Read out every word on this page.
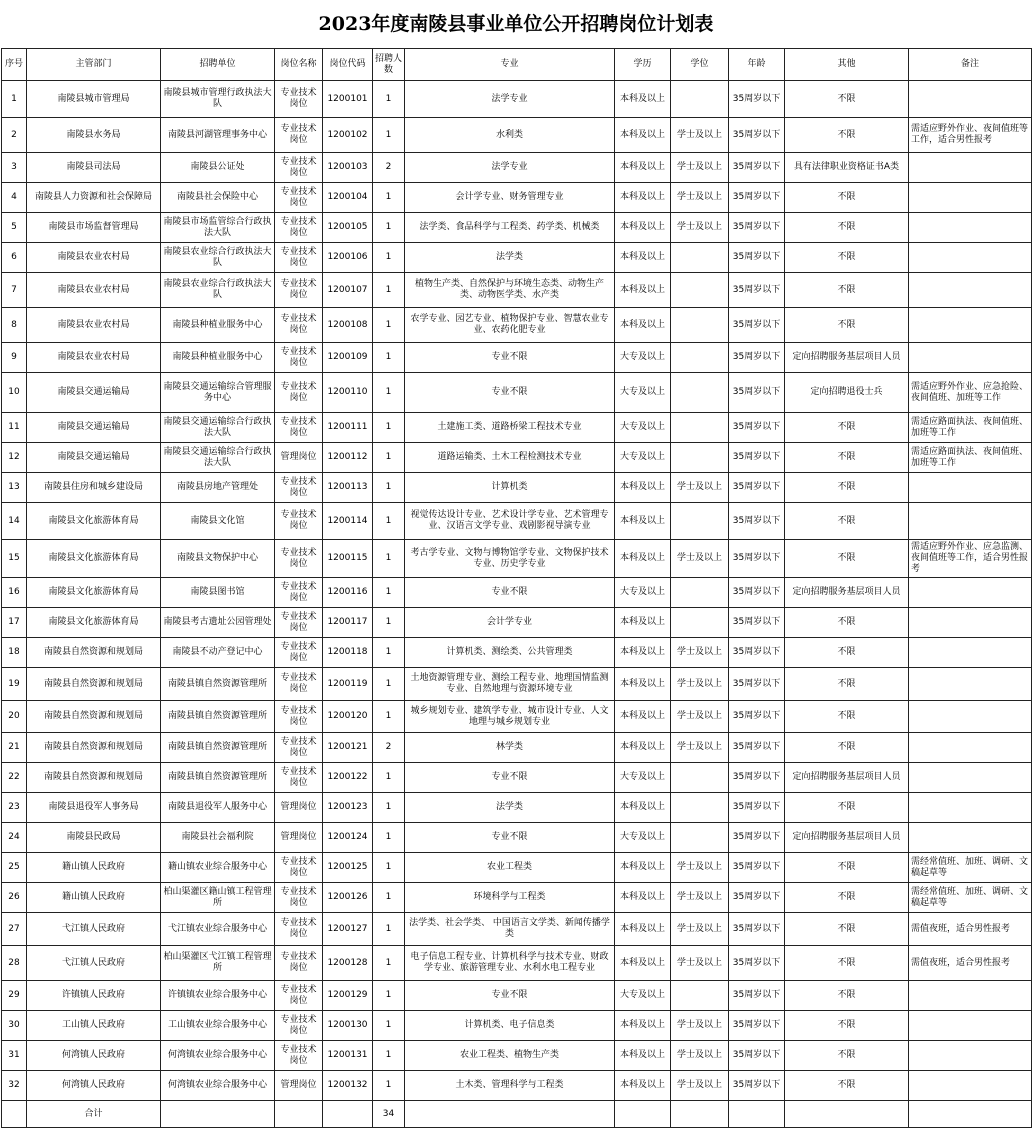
2023年度南陵县事业单位公开招聘岗位计划表
序号	主管部门	招聘单位	岗位名称	岗位代码	招聘人数	专业	学历	学位	年龄	其他	备注
1	南陵县城市管理局	南陵县城市管理行政执法大队	专业技术岗位	1200101	1	法学专业	本科及以上		35周岁以下	不限	
2	南陵县水务局	南陵县河湖管理事务中心	专业技术岗位	1200102	1	水利类	本科及以上	学士及以上	35周岁以下	不限	需适应野外作业、夜间值班等工作，适合男性报考
3	南陵县司法局	南陵县公证处	专业技术岗位	1200103	2	法学专业	本科及以上	学士及以上	35周岁以下	具有法律职业资格证书A类	
4	南陵县人力资源和社会保障局	南陵县社会保险中心	专业技术岗位	1200104	1	会计学专业、财务管理专业	本科及以上	学士及以上	35周岁以下	不限	
5	南陵县市场监督管理局	南陵县市场监管综合行政执法大队	专业技术岗位	1200105	1	法学类、食品科学与工程类、药学类、机械类	本科及以上	学士及以上	35周岁以下	不限	
6	南陵县农业农村局	南陵县农业综合行政执法大队	专业技术岗位	1200106	1	法学类	本科及以上		35周岁以下	不限	
7	南陵县农业农村局	南陵县农业综合行政执法大队	专业技术岗位	1200107	1	植物生产类、自然保护与环境生态类、动物生产类、动物医学类、水产类	本科及以上		35周岁以下	不限	
8	南陵县农业农村局	南陵县种植业服务中心	专业技术岗位	1200108	1	农学专业、园艺专业、植物保护专业、智慧农业专业、农药化肥专业	本科及以上		35周岁以下	不限	
9	南陵县农业农村局	南陵县种植业服务中心	专业技术岗位	1200109	1	专业不限	大专及以上		35周岁以下	定向招聘服务基层项目人员	
10	南陵县交通运输局	南陵县交通运输综合管理服务中心	专业技术岗位	1200110	1	专业不限	大专及以上		35周岁以下	定向招聘退役士兵	需适应野外作业、应急抢险、夜间值班、加班等工作
11	南陵县交通运输局	南陵县交通运输综合行政执法大队	专业技术岗位	1200111	1	土建施工类、道路桥梁工程技术专业	大专及以上		35周岁以下	不限	需适应路面执法、夜间值班、加班等工作
12	南陵县交通运输局	南陵县交通运输综合行政执法大队	管理岗位	1200112	1	道路运输类、土木工程检测技术专业	大专及以上		35周岁以下	不限	需适应路面执法、夜间值班、加班等工作
13	南陵县住房和城乡建设局	南陵县房地产管理处	专业技术岗位	1200113	1	计算机类	本科及以上	学士及以上	35周岁以下	不限	
14	南陵县文化旅游体育局	南陵县文化馆	专业技术岗位	1200114	1	视觉传达设计专业、艺术设计学专业、艺术管理专业、汉语言文学专业、戏剧影视导演专业	本科及以上		35周岁以下	不限	
15	南陵县文化旅游体育局	南陵县文物保护中心	专业技术岗位	1200115	1	考古学专业、文物与博物馆学专业、文物保护技术专业、历史学专业	本科及以上	学士及以上	35周岁以下	不限	需适应野外作业、应急监测、夜间值班等工作，适合男性报考
16	南陵县文化旅游体育局	南陵县图书馆	专业技术岗位	1200116	1	专业不限	大专及以上		35周岁以下	定向招聘服务基层项目人员	
17	南陵县文化旅游体育局	南陵县考古遗址公园管理处	专业技术岗位	1200117	1	会计学专业	本科及以上		35周岁以下	不限	
18	南陵县自然资源和规划局	南陵县不动产登记中心	专业技术岗位	1200118	1	计算机类、测绘类、公共管理类	本科及以上	学士及以上	35周岁以下	不限	
19	南陵县自然资源和规划局	南陵县镇自然资源管理所	专业技术岗位	1200119	1	土地资源管理专业、测绘工程专业、地理国情监测专业、自然地理与资源环境专业	本科及以上	学士及以上	35周岁以下	不限	
20	南陵县自然资源和规划局	南陵县镇自然资源管理所	专业技术岗位	1200120	1	城乡规划专业、建筑学专业、城市设计专业、人文地理与城乡规划专业	本科及以上	学士及以上	35周岁以下	不限	
21	南陵县自然资源和规划局	南陵县镇自然资源管理所	专业技术岗位	1200121	2	林学类	本科及以上	学士及以上	35周岁以下	不限	
22	南陵县自然资源和规划局	南陵县镇自然资源管理所	专业技术岗位	1200122	1	专业不限	大专及以上		35周岁以下	定向招聘服务基层项目人员	
23	南陵县退役军人事务局	南陵县退役军人服务中心	管理岗位	1200123	1	法学类	本科及以上		35周岁以下	不限	
24	南陵县民政局	南陵县社会福利院	管理岗位	1200124	1	专业不限	大专及以上		35周岁以下	定向招聘服务基层项目人员	
25	籍山镇人民政府	籍山镇农业综合服务中心	专业技术岗位	1200125	1	农业工程类	本科及以上	学士及以上	35周岁以下	不限	需经常值班、加班、调研、文稿起草等
26	籍山镇人民政府	柏山渠灌区籍山镇工程管理所	专业技术岗位	1200126	1	环境科学与工程类	本科及以上	学士及以上	35周岁以下	不限	需经常值班、加班、调研、文稿起草等
27	弋江镇人民政府	弋江镇农业综合服务中心	专业技术岗位	1200127	1	法学类、社会学类、 中国语言文学类、新闻传播学类	本科及以上	学士及以上	35周岁以下	不限	需值夜班，适合男性报考
28	弋江镇人民政府	柏山渠灌区弋江镇工程管理所	专业技术岗位	1200128	1	电子信息工程专业、计算机科学与技术专业、财政学专业、旅游管理专业、水利水电工程专业	本科及以上	学士及以上	35周岁以下	不限	需值夜班，适合男性报考
29	许镇镇人民政府	许镇镇农业综合服务中心	专业技术岗位	1200129	1	专业不限	大专及以上		35周岁以下	不限	
30	工山镇人民政府	工山镇农业综合服务中心	专业技术岗位	1200130	1	计算机类、电子信息类	本科及以上	学士及以上	35周岁以下	不限	
31	何湾镇人民政府	何湾镇农业综合服务中心	专业技术岗位	1200131	1	农业工程类、植物生产类	本科及以上	学士及以上	35周岁以下	不限	
32	何湾镇人民政府	何湾镇农业综合服务中心	管理岗位	1200132	1	土木类、管理科学与工程类	本科及以上	学士及以上	35周岁以下	不限	
	合计				34						
